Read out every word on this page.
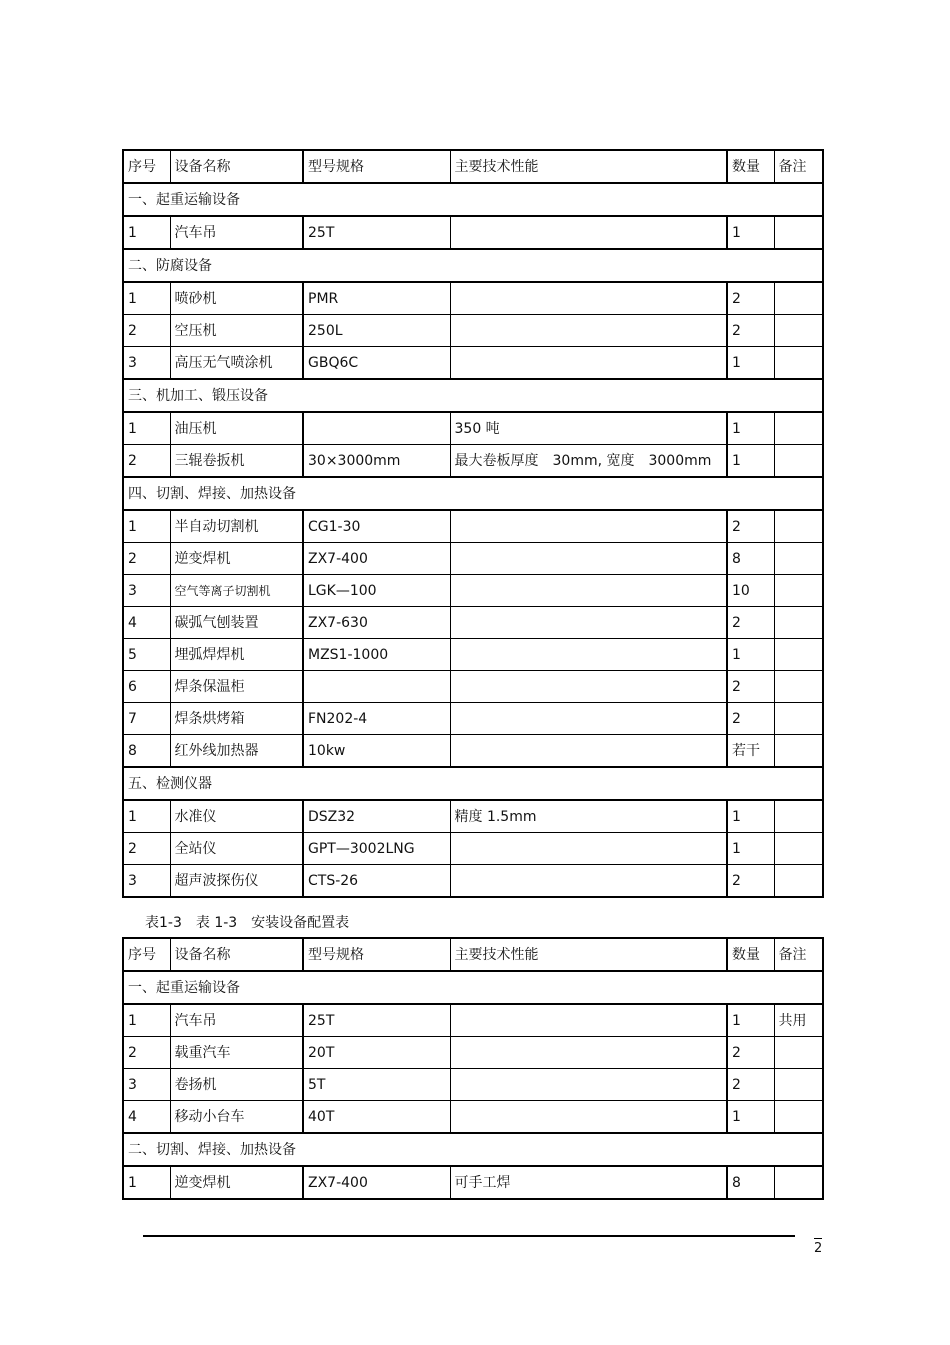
序号	设备名称	型号规格	主要技术性能	数量	备注
一、起重运输设备					
1	汽车吊	25T		1	
二、防腐设备					
1	喷砂机	PMR		2	
2	空压机	250L		2	
3	高压无气喷涂机	GBQ6C		1	
三、机加工、锻压设备					
1	油压机		350 吨	1	
2	三辊卷扳机	30×3000mm	最大卷板厚度　30mm, 宽度　3000mm	1	
四、切割、焊接、加热设备					
1	半自动切割机	CG1-30		2	
2	逆变焊机	ZX7-400		8	
3	空气等离子切割机	LGK—100		10	
4	碳弧气刨装置	ZX7-630		2	
5	埋弧焊焊机	MZS1-1000		1	
6	焊条保温柜			2	
7	焊条烘烤箱	FN202-4		2	
8	红外线加热器	10kw		若干	
五、检测仪器					
1	水准仪	DSZ32	精度 1.5mm	1	
2	全站仪	GPT—3002LNG		1	
3	超声波探伤仪	CTS-26		2	

表1-3　表 1-3　安装设备配置表

序号	设备名称	型号规格	主要技术性能	数量	备注
一、起重运输设备					
1	汽车吊	25T		1	共用
2	载重汽车	20T		2	
3	卷扬机	5T		2	
4	移动小台车	40T		1	
二、切割、焊接、加热设备					
1	逆变焊机	ZX7-400	可手工焊	8	
2
